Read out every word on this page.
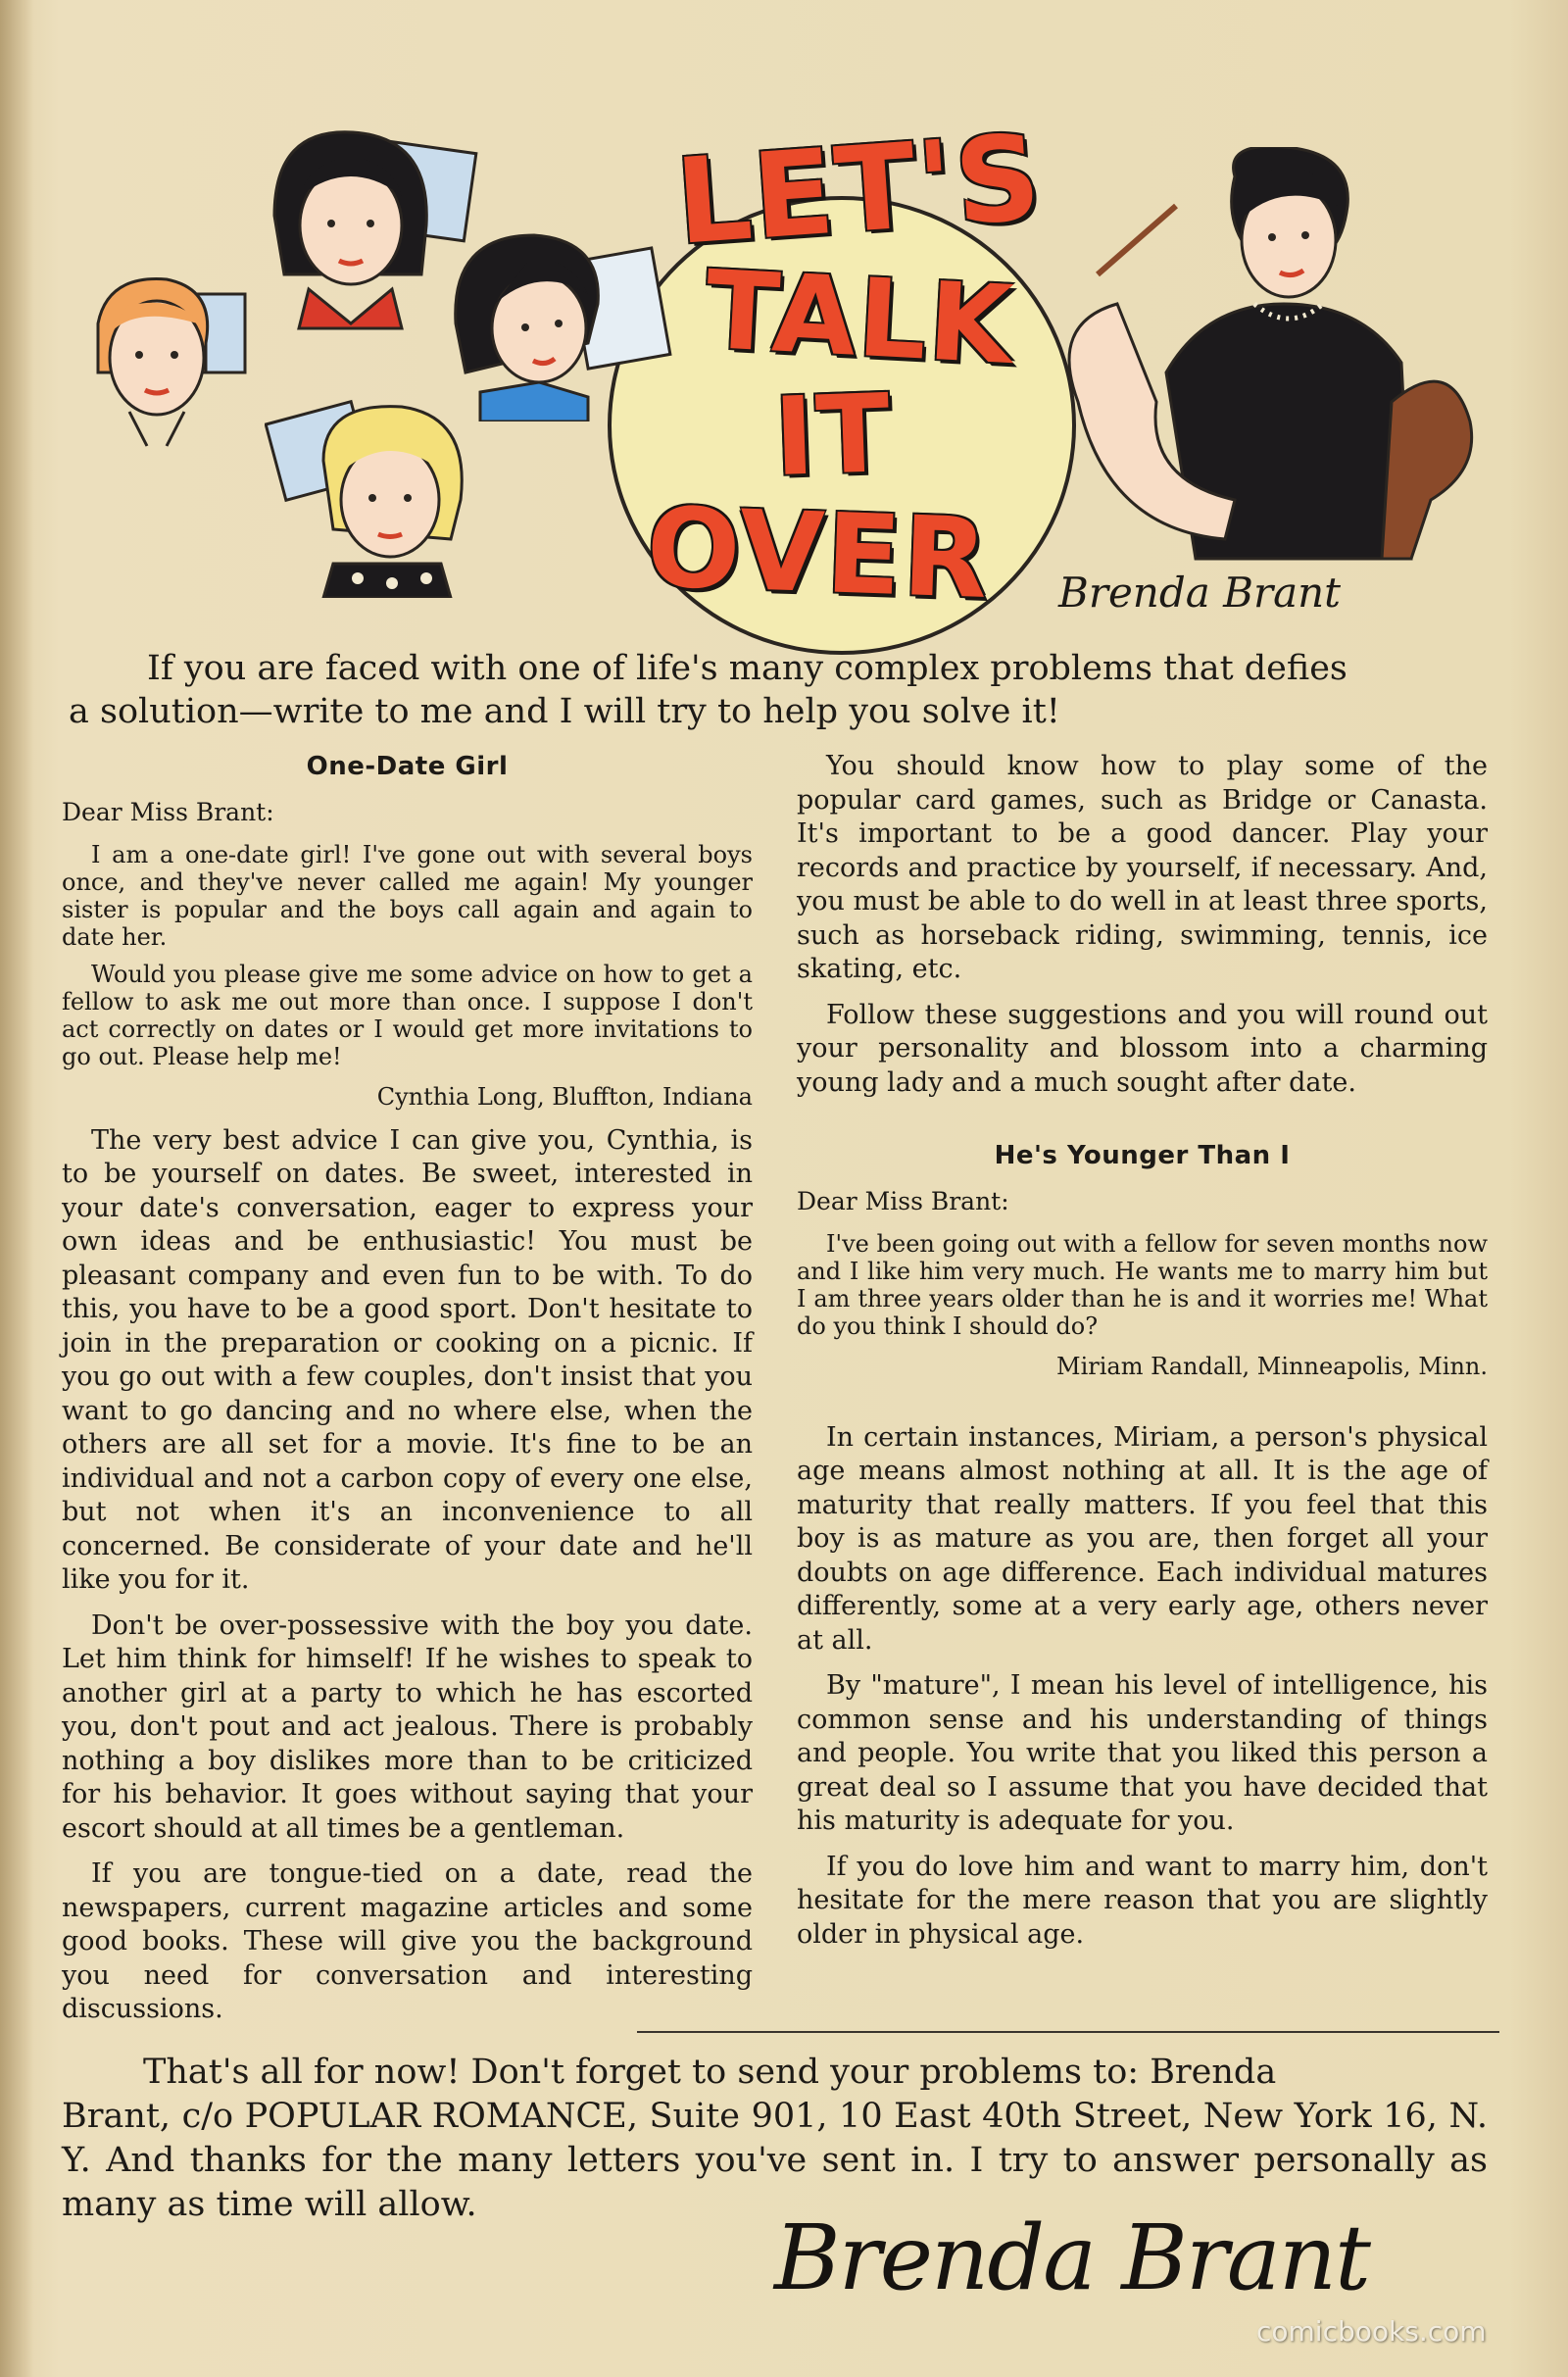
LET'S
TALK
IT
OVER Brenda Brant
If you are faced with one of life's many complex problems that defies
a solution—write to me and I will try to help you solve it!
One-Date Girl
Dear Miss Brant:

I am a one-date girl! I've gone out with several boys once, and they've never called me again! My younger sister is popular and the boys call again and again to date her.

Would you please give me some advice on how to get a fellow to ask me out more than once. I suppose I don't act correctly on dates or I would get more invitations to go out. Please help me!

Cynthia Long, Bluffton, Indiana

The very best advice I can give you, Cynthia, is to be yourself on dates. Be sweet, interested in your date's conversation, eager to express your own ideas and be enthusiastic! You must be pleasant company and even fun to be with. To do this, you have to be a good sport. Don't hesitate to join in the preparation or cooking on a picnic. If you go out with a few couples, don't insist that you want to go dancing and no where else, when the others are all set for a movie. It's fine to be an individual and not a carbon copy of every one else, but not when it's an inconvenience to all concerned. Be considerate of your date and he'll like you for it.

Don't be over-possessive with the boy you date. Let him think for himself! If he wishes to speak to another girl at a party to which he has escorted you, don't pout and act jealous. There is probably nothing a boy dislikes more than to be criticized for his behavior. It goes without saying that your escort should at all times be a gentleman.

If you are tongue-tied on a date, read the newspapers, current magazine articles and some good books. These will give you the background you need for conversation and interesting discussions.

You should know how to play some of the popular card games, such as Bridge or Canasta. It's important to be a good dancer. Play your records and practice by yourself, if necessary. And, you must be able to do well in at least three sports, such as horseback riding, swimming, tennis, ice skating, etc.

Follow these suggestions and you will round out your personality and blossom into a charming young lady and a much sought after date.

He's Younger Than I
Dear Miss Brant:

I've been going out with a fellow for seven months now and I like him very much. He wants me to marry him but I am three years older than he is and it worries me! What do you think I should do?

Miriam Randall, Minneapolis, Minn.

In certain instances, Miriam, a person's physical age means almost nothing at all. It is the age of maturity that really matters. If you feel that this boy is as mature as you are, then forget all your doubts on age difference. Each individual matures differently, some at a very early age, others never at all.

By "mature", I mean his level of intelligence, his common sense and his understanding of things and people. You write that you liked this person a great deal so I assume that you have decided that his maturity is adequate for you.

If you do love him and want to marry him, don't hesitate for the mere reason that you are slightly older in physical age.

That's all for now! Don't forget to send your problems to: Brenda
Brant, c/o POPULAR ROMANCE, Suite 901, 10 East 40th Street, New York 16, N. Y. And thanks for the many letters you've sent in. I try to answer personally as many as time will allow.
Brenda Brant
comicbooks.com
